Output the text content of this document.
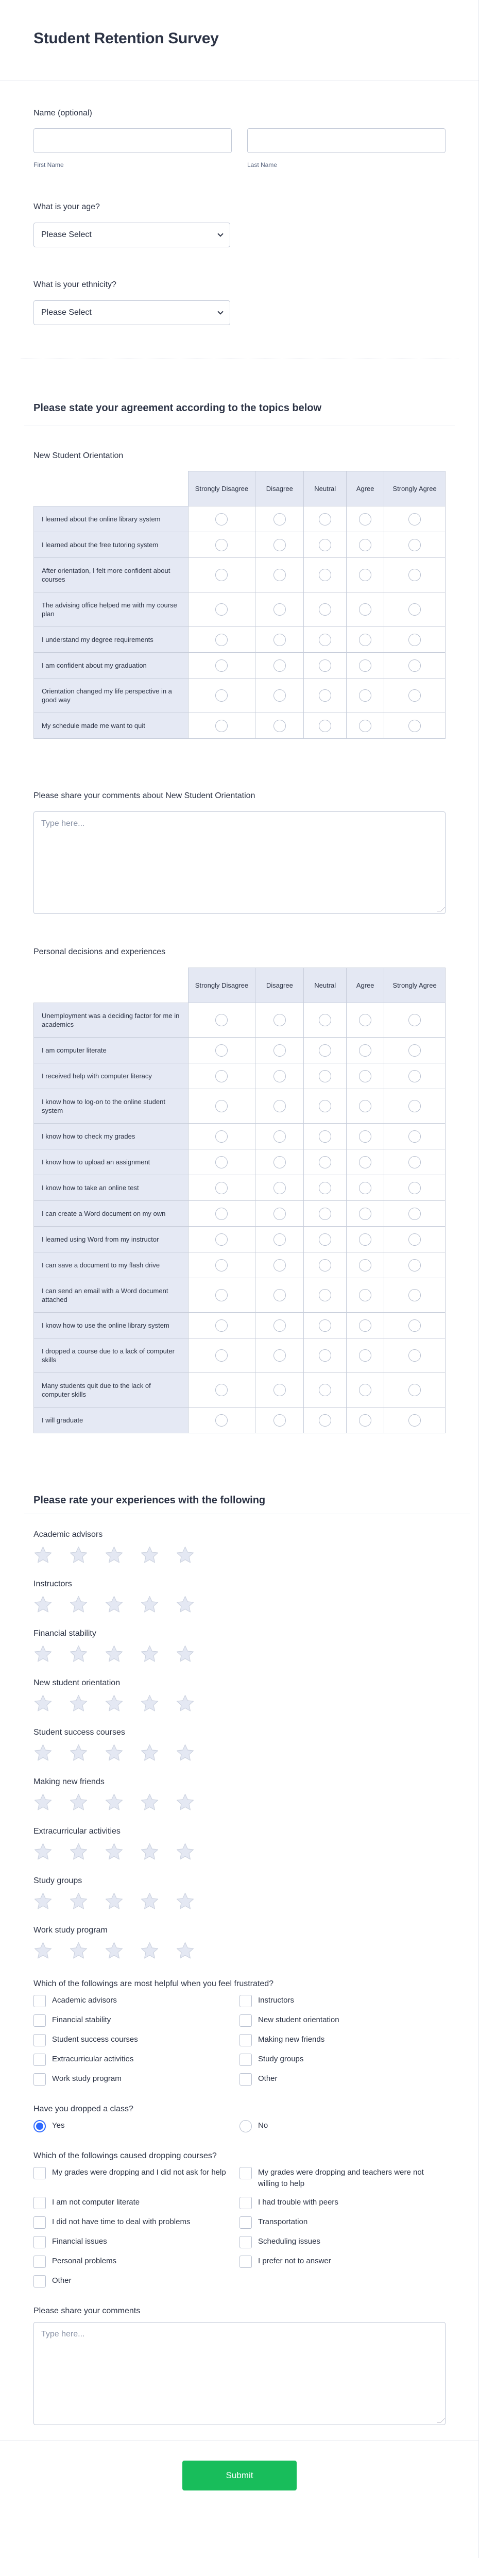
Student Retention Survey
Name (optional)
First Name	Last Name
What is your age?
Please Select
What is your ethnicity?
Please Select
Please state your agreement according to the topics below
New Student Orientation
	Strongly Disagree	Disagree	Neutral	Agree	Strongly Agree
I learned about the online library system					
I learned about the free tutoring system					
After orientation, I felt more confident about courses					
The advising office helped me with my course plan					
I understand my degree requirements					
I am confident about my graduation					
Orientation changed my life perspective in a good way					
My schedule made me want to quit					
Please share your comments about New Student Orientation
Type here...
Personal decisions and experiences
	Strongly Disagree	Disagree	Neutral	Agree	Strongly Agree
Unemployment was a deciding factor for me in academics					
I am computer literate					
I received help with computer literacy					
I know how to log-on to the online student system					
I know how to check my grades					
I know how to upload an assignment					
I know how to take an online test					
I can create a Word document on my own					
I learned using Word from my instructor					
I can save a document to my flash drive					
I can send an email with a Word document attached					
I know how to use the online library system					
I dropped a course due to a lack of computer skills					
Many students quit due to the lack of computer skills					
I will graduate					
Please rate your experiences with the following
Academic advisors
Instructors
Financial stability
New student orientation
Student success courses
Making new friends
Extracurricular activities
Study groups
Work study program
Which of the followings are most helpful when you feel frustrated?
Academic advisors	Instructors
Financial stability	New student orientation
Student success courses	Making new friends
Extracurricular activities	Study groups
Work study program	Other
Have you dropped a class?
Yes	No
Which of the followings caused dropping courses?
My grades were dropping and I did not ask for help	My grades were dropping and teachers were not willing to help
I am not computer literate	I had trouble with peers
I did not have time to deal with problems	Transportation
Financial issues	Scheduling issues
Personal problems	I prefer not to answer
Other
Please share your comments
Type here...
Submit
